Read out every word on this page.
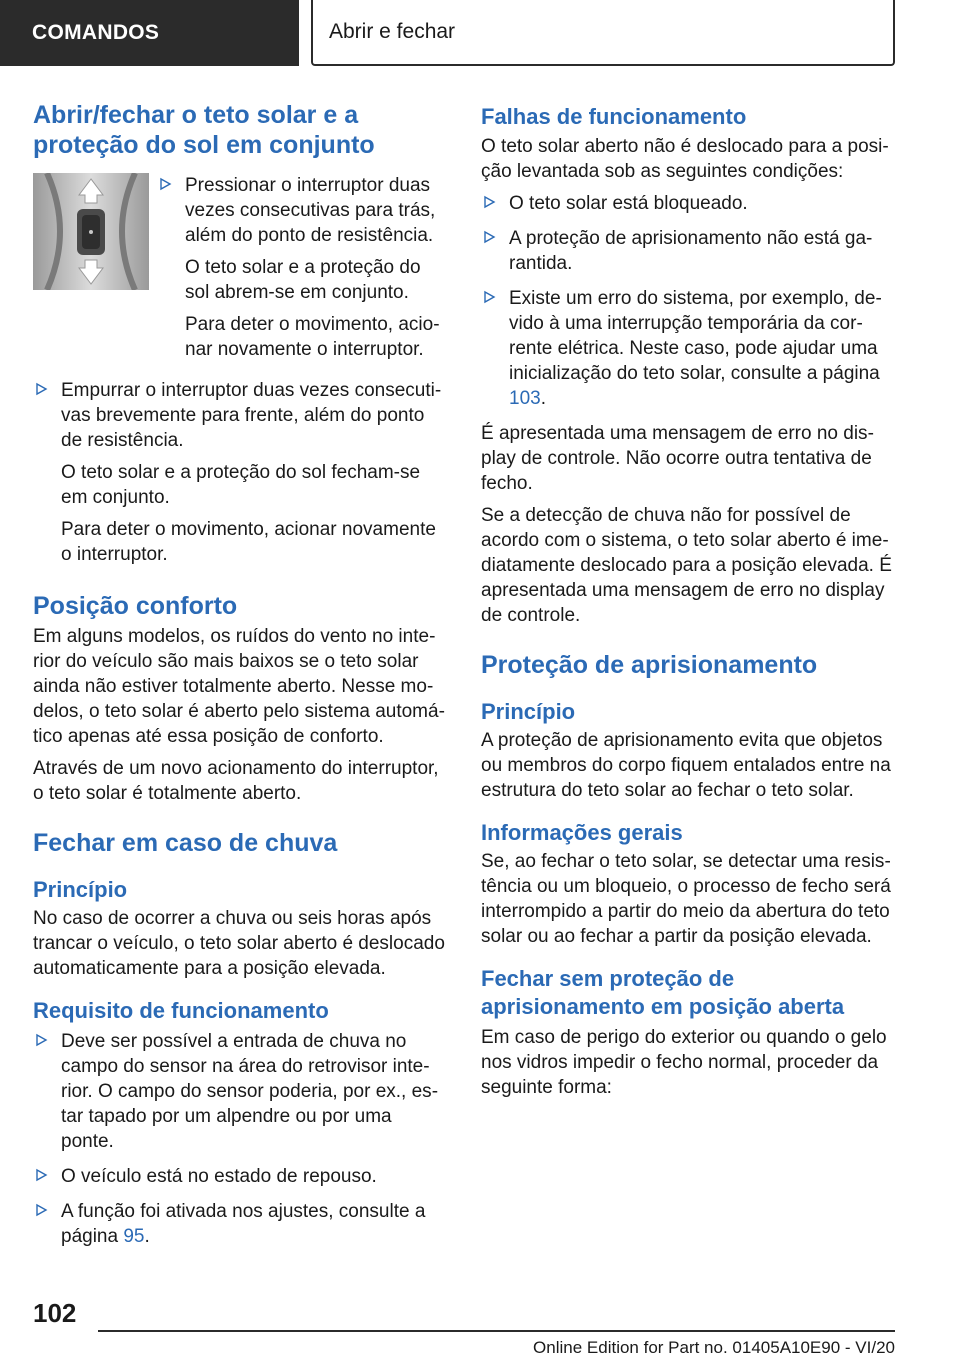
COMANDOS	Abrir e fechar
Abrir/fechar o teto solar e a proteção do sol em conjunto
Pressionar o interruptor duas vezes consecutivas para trás, além do ponto de resistência.
O teto solar e a proteção do sol abrem-se em conjunto.
Para deter o movimento, acionar novamente o interruptor.
Empurrar o interruptor duas vezes consecutivas brevemente para frente, além do ponto de resistência.
O teto solar e a proteção do sol fecham-se em conjunto.
Para deter o movimento, acionar novamente o interruptor.
Posição conforto

Em alguns modelos, os ruídos do vento no interior do veículo são mais baixos se o teto solar ainda não estiver totalmente aberto. Nesse modelos, o teto solar é aberto pelo sistema automático apenas até essa posição de conforto.

Através de um novo acionamento do interruptor, o teto solar é totalmente aberto.

Fechar em caso de chuva
Princípio

No caso de ocorrer a chuva ou seis horas após trancar o veículo, o teto solar aberto é deslocado automaticamente para a posição elevada.

Requisito de funcionamento
Deve ser possível a entrada de chuva no campo do sensor na área do retrovisor interior. O campo do sensor poderia, por ex., estar tapado por um alpendre ou por uma ponte.
O veículo está no estado de repouso.
A função foi ativada nos ajustes, consulte a página 95.
Falhas de funcionamento

O teto solar aberto não é deslocado para a posição levantada sob as seguintes condições:

O teto solar está bloqueado.
A proteção de aprisionamento não está garantida.
Existe um erro do sistema, por exemplo, devido à uma interrupção temporária da corrente elétrica. Neste caso, pode ajudar uma inicialização do teto solar, consulte a página 103.

É apresentada uma mensagem de erro no display de controle. Não ocorre outra tentativa de fecho.

Se a detecção de chuva não for possível de acordo com o sistema, o teto solar aberto é imediatamente deslocado para a posição elevada. É apresentada uma mensagem de erro no display de controle.

Proteção de aprisionamento
Princípio

A proteção de aprisionamento evita que objetos ou membros do corpo fiquem entalados entre na estrutura do teto solar ao fechar o teto solar.

Informações gerais

Se, ao fechar o teto solar, se detectar uma resistência ou um bloqueio, o processo de fecho será interrompido a partir do meio da abertura do teto solar ou ao fechar a partir da posição elevada.

Fechar sem proteção de aprisionamento em posição aberta

Em caso de perigo do exterior ou quando o gelo nos vidros impedir o fecho normal, proceder da seguinte forma:

102
Online Edition for Part no. 01405A10E90 - VI/20
